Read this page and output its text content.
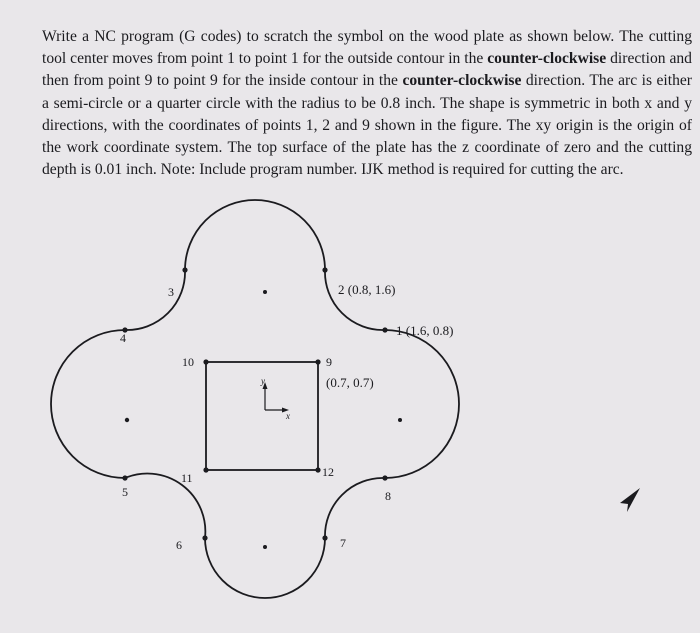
Write a NC program (G codes) to scratch the symbol on the wood plate as shown below. The cutting tool center moves from point 1 to point 1 for the outside contour in the counter-clockwise direction and then from point 9 to point 9 for the inside contour in the counter-clockwise direction. The arc is either a semi-circle or a quarter circle with the radius to be 0.8 inch. The shape is symmetric in both x and y directions, with the coordinates of points 1, 2 and 9 shown in the figure. The xy origin is the origin of the work coordinate system. The top surface of the plate has the z coordinate of zero and the cutting depth is 0.01 inch. Note: Include program number. IJK method is required for cutting the arc.
y
x
1 (1.6, 0.8)
2 (0.8, 1.6)
3
4
5
6	7
8
9
(0.7, 0.7)
10
11	12
